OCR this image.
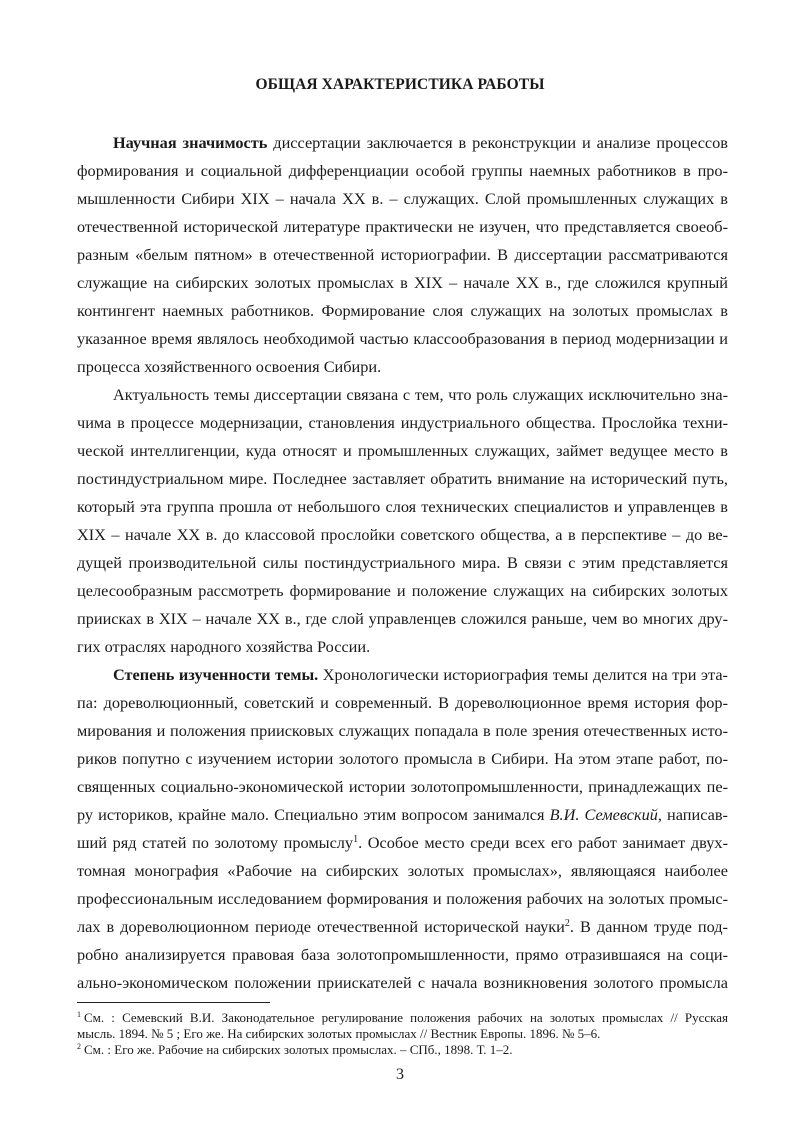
ОБЩАЯ ХАРАКТЕРИСТИКА РАБОТЫ
Научная значимость диссертации заключается в реконструкции и анализе процессов
формирования и социальной дифференциации особой группы наемных работников в про-
мышленности Сибири XIX – начала XX в. – служащих. Слой промышленных служащих в
отечественной исторической литературе практически не изучен, что представляется своеоб-
разным «белым пятном» в отечественной историографии. В диссертации рассматриваются
служащие на сибирских золотых промыслах в XIX – начале XX в., где сложился крупный
контингент наемных работников. Формирование слоя служащих на золотых промыслах в
указанное время являлось необходимой частью классообразования в период модернизации и
процесса хозяйственного освоения Сибири.
Актуальность темы диссертации связана с тем, что роль служащих исключительно зна-
чима в процессе модернизации, становления индустриального общества. Прослойка техни-
ческой интеллигенции, куда относят и промышленных служащих, займет ведущее место в
постиндустриальном мире. Последнее заставляет обратить внимание на исторический путь,
который эта группа прошла от небольшого слоя технических специалистов и управленцев в
XIX – начале XX в. до классовой прослойки советского общества, а в перспективе – до ве-
дущей производительной силы постиндустриального мира. В связи с этим представляется
целесообразным рассмотреть формирование и положение служащих на сибирских золотых
приисках в XIX – начале XX в., где слой управленцев сложился раньше, чем во многих дру-
гих отраслях народного хозяйства России.
Степень изученности темы. Хронологически историография темы делится на три эта-
па: дореволюционный, советский и современный. В дореволюционное время история фор-
мирования и положения приисковых служащих попадала в поле зрения отечественных исто-
риков попутно с изучением истории золотого промысла в Сибири. На этом этапе работ, по-
священных социально-экономической истории золотопромышленности, принадлежащих пе-
ру историков, крайне мало. Специально этим вопросом занимался В.И. Семевский, написав-
ший ряд статей по золотому промыслу$^1$. Особое место среди всех его работ занимает двух-
томная монография «Рабочие на сибирских золотых промыслах», являющаяся наиболее
профессиональным исследованием формирования и положения рабочих на золотых промыс-
лах в дореволюционном периоде отечественной исторической науки$^2$. В данном труде под-
робно анализируется правовая база золотопромышленности, прямо отразившаяся на соци-
ально-экономическом положении приискателей с начала возникновения золотого промысла
$^1$ См. : Семевский В.И. Законодательное регулирование положения рабочих на золотых промыслах // Русская
мысль. 1894. № 5 ; Его же. На сибирских золотых промыслах // Вестник Европы. 1896. № 5–6.
$^2$ См. : Его же. Рабочие на сибирских золотых промыслах. – СПб., 1898. Т. 1–2.
3
